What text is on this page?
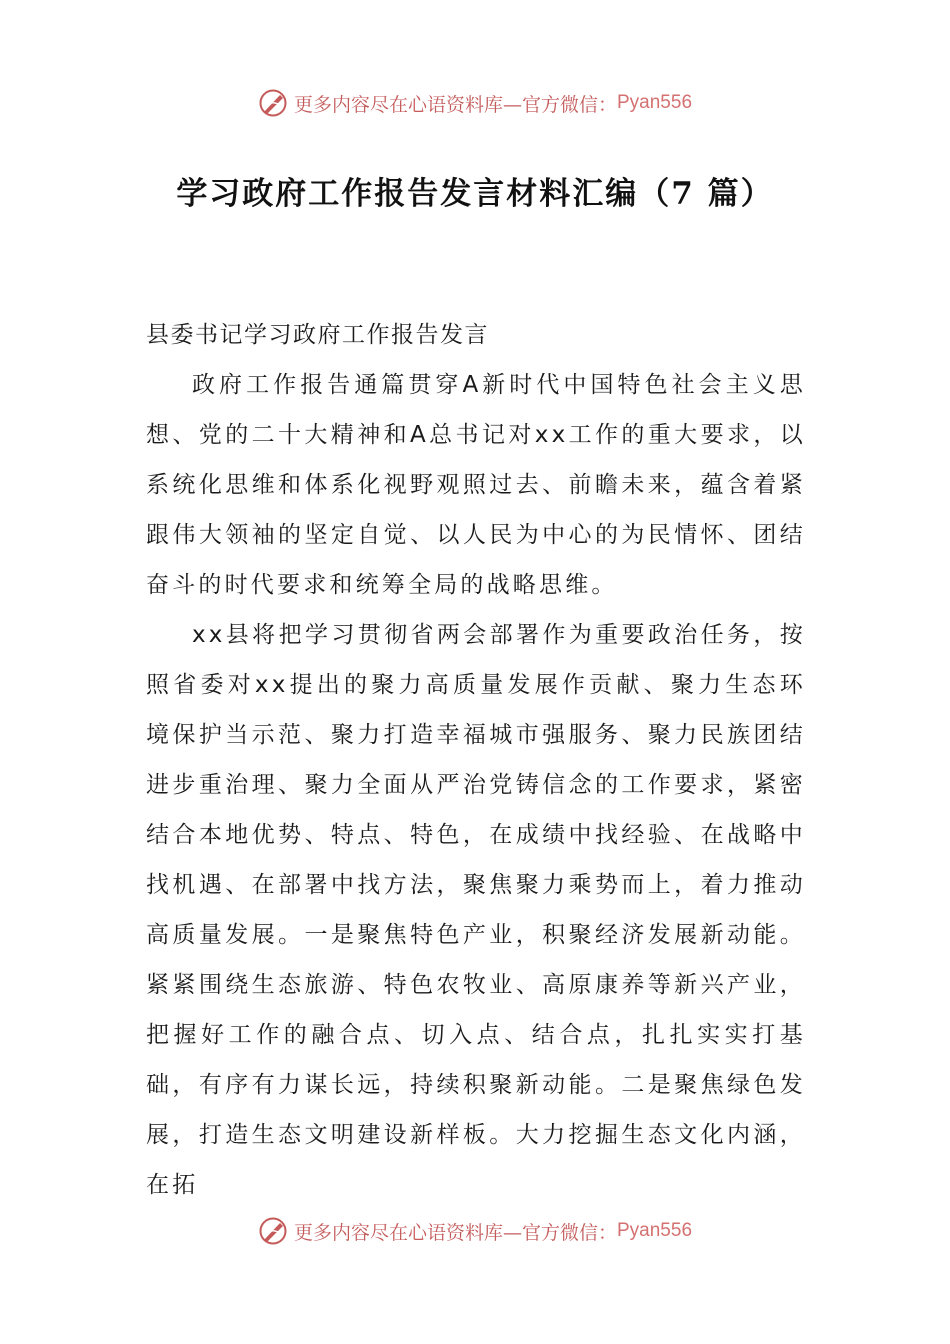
更多内容尽在心语资料库—官方微信： Pyan556
学习政府工作报告发言材料汇编（7 篇）

县委书记学习政府工作报告发言

政府工作报告通篇贯穿A新时代中国特色社会主义思想、党的二十大精神和A总书记对xx工作的重大要求，以系统化思维和体系化视野观照过去、前瞻未来，蕴含着紧跟伟大领袖的坚定自觉、以人民为中心的为民情怀、团结奋斗的时代要求和统筹全局的战略思维。

xx县将把学习贯彻省两会部署作为重要政治任务，按照省委对xx提出的聚力高质量发展作贡献、聚力生态环境保护当示范、聚力打造幸福城市强服务、聚力民族团结进步重治理、聚力全面从严治党铸信念的工作要求，紧密结合本地优势、特点、特色，在成绩中找经验、在战略中找机遇、在部署中找方法，聚焦聚力乘势而上，着力推动高质量发展。一是聚焦特色产业，积聚经济发展新动能。紧紧围绕生态旅游、特色农牧业、高原康养等新兴产业，把握好工作的融合点、切入点、结合点，扎扎实实打基础，有序有力谋长远，持续积聚新动能。二是聚焦绿色发展，打造生态文明建设新样板。大力挖掘生态文化内涵，在拓

更多内容尽在心语资料库—官方微信： Pyan556
